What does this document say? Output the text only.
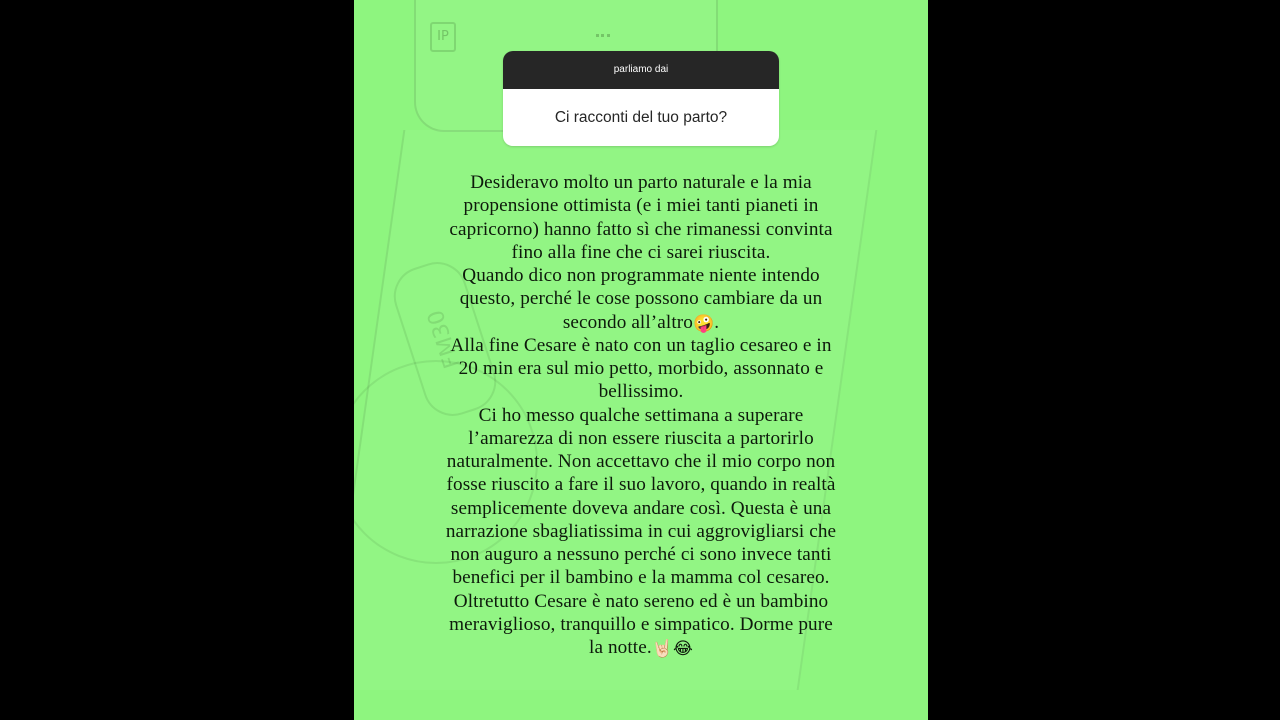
IP
FM30
parliamo dai
Ci racconti del tuo parto?

Desideravo molto un parto naturale e la mia propensione ottimista (e i miei tanti pianeti in capricorno) hanno fatto sì che rimanessi convinta fino alla fine che ci sarei riuscita.

Quando dico non programmate niente intendo questo, perché le cose possono cambiare da un secondo all’altro🤪.

Alla fine Cesare è nato con un taglio cesareo e in 20 min era sul mio petto, morbido, assonnato e bellissimo.

Ci ho messo qualche settimana a superare l’amarezza di non essere riuscita a partorirlo naturalmente. Non accettavo che il mio corpo non fosse riuscito a fare il suo lavoro, quando in realtà semplicemente doveva andare così. Questa è una narrazione sbagliatissima in cui aggrovigliarsi che non auguro a nessuno perché ci sono invece tanti benefici per il bambino e la mamma col cesareo. Oltretutto Cesare è nato sereno ed è un bambino meraviglioso, tranquillo e simpatico. Dorme pure la notte.🤘🏻😂
